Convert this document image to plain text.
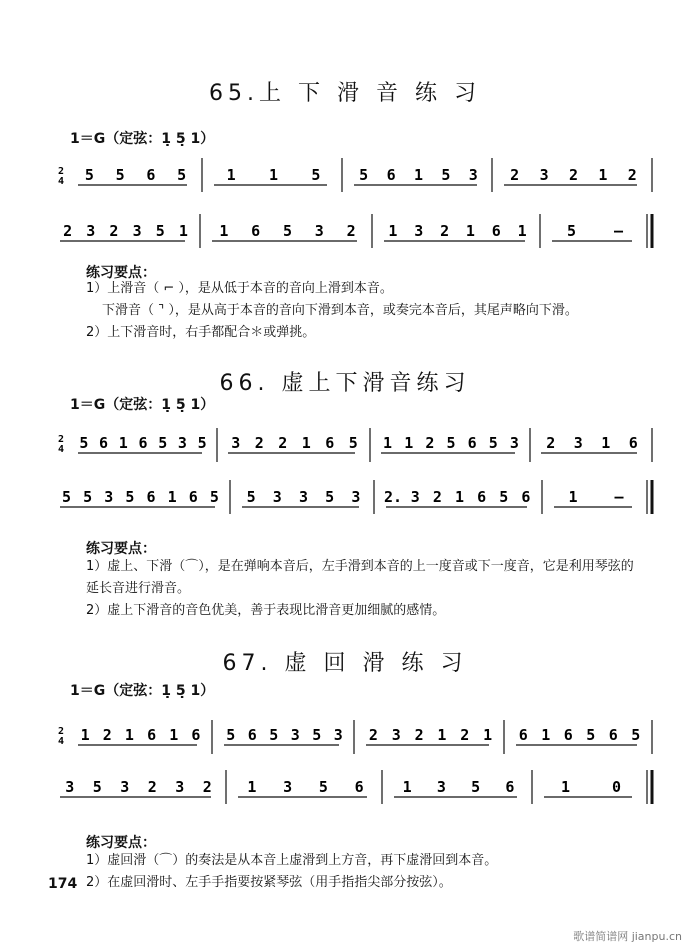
65.上 下 滑 音 练 习
1＝G（定弦：1̣ 5̣ 1）
2
4 5 5 6 5	1 1 5	5 6 1 5 3 2 3 2 1 2
2 3 2 3 5 1 1 6 5 3 2 1 3 2 1 6 1	5	–
练习要点：
1）上滑音（ ⌐ ），是从低于本音的音向上滑到本音。
下滑音（ ⌝ ），是从高于本音的音向下滑到本音，或奏完本音后，其尾声略向下滑。
2）上下滑音时，右手都配合＊或弹挑。
66. 虚上下滑音练习
1＝G（定弦：1̣ 5̣ 1）
2
4 5 6 1 6 5 3 5 3 2 2 1 6 5 1 1 2 5 6 5 3 2 3 1 6
5 5 3 5 6 1 6 5 5 3 3 5 3 2. 3 2 1 6 5 6	1 –
练习要点：
1）虚上、下滑（⌒），是在弹响本音后，左手滑到本音的上一度音或下一度音，它是利用琴弦的延长音进行滑音。
2）虚上下滑音的音色优美，善于表现比滑音更加细腻的感情。
67. 虚 回 滑 练 习
1＝G（定弦：1̣ 5̣ 1）
2
4 1 2 1 6 1 6 5 6 5 3 5 3 2 3 2 1 2 1 6 1 6 5 6 5
3 5 3 2 3 2 1 3 5 6	1 3 5 6	1	0
练习要点：
1）虚回滑（⌒）的奏法是从本音上虚滑到上方音，再下虚滑回到本音。
2）在虚回滑时、左手手指要按紧琴弦（用手指指尖部分按弦）。
174
歌谱简谱网 jianpu.cn
